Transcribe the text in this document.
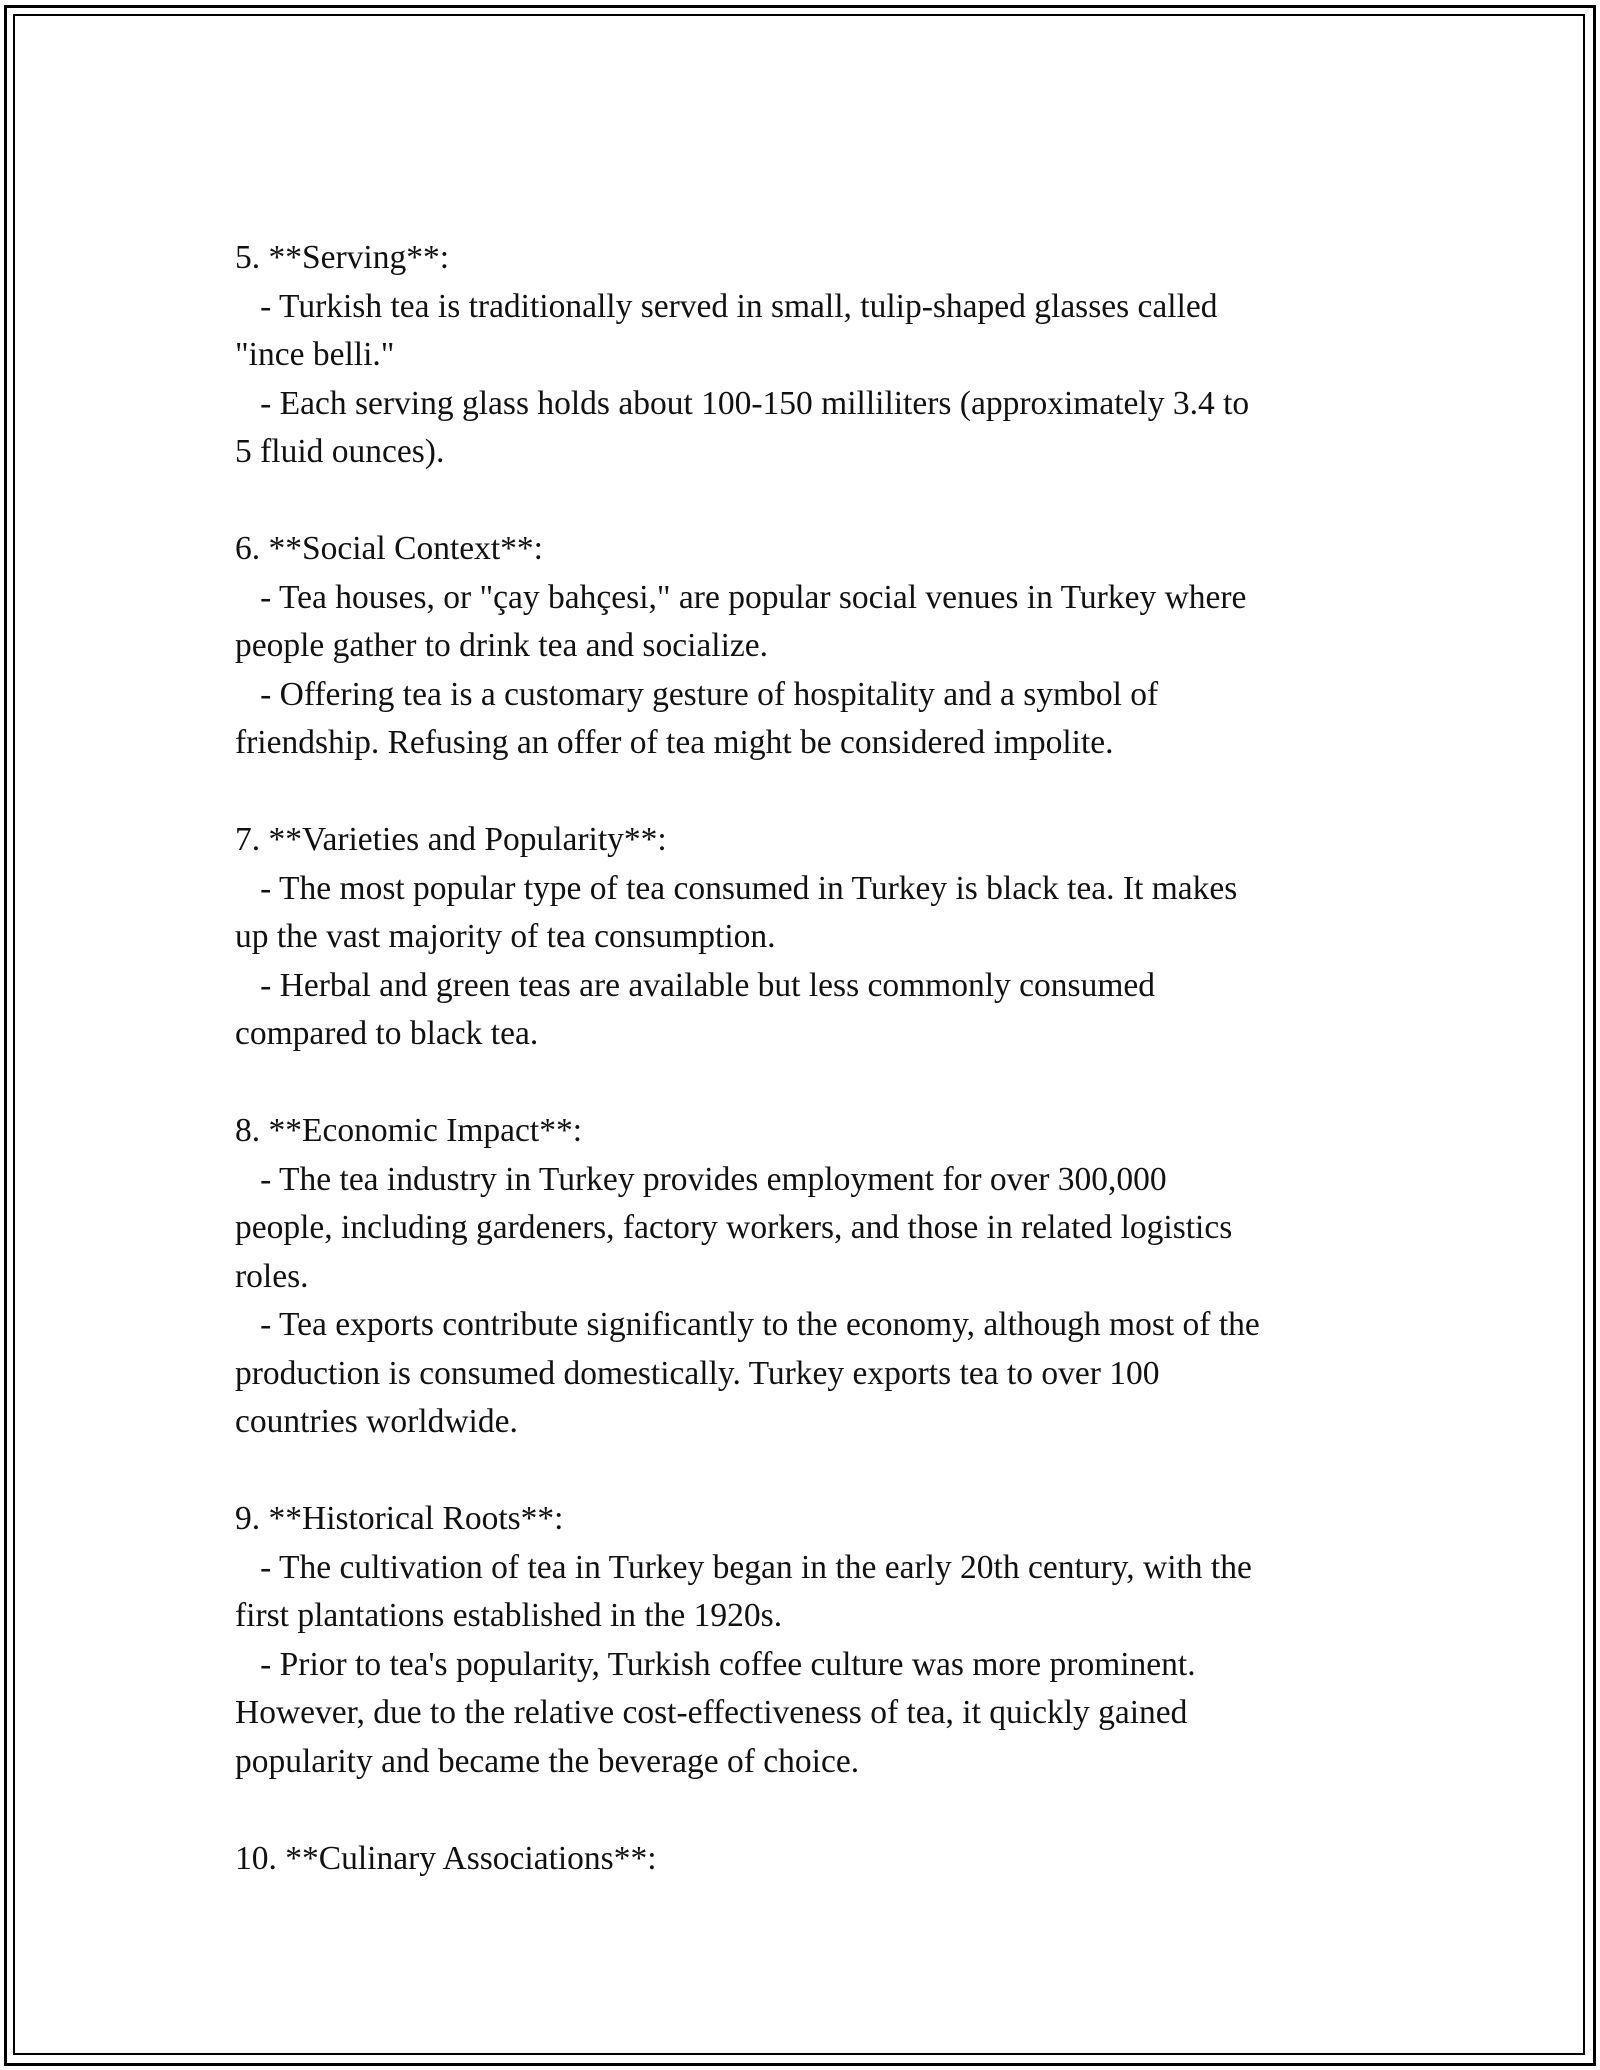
5. **Serving**:
- Turkish tea is traditionally served in small, tulip-shaped glasses called
"ince belli."
- Each serving glass holds about 100-150 milliliters (approximately 3.4 to
5 fluid ounces).
6. **Social Context**:
- Tea houses, or "çay bahçesi," are popular social venues in Turkey where
people gather to drink tea and socialize.
- Offering tea is a customary gesture of hospitality and a symbol of
friendship. Refusing an offer of tea might be considered impolite.
7. **Varieties and Popularity**:
- The most popular type of tea consumed in Turkey is black tea. It makes
up the vast majority of tea consumption.
- Herbal and green teas are available but less commonly consumed
compared to black tea.
8. **Economic Impact**:
- The tea industry in Turkey provides employment for over 300,000
people, including gardeners, factory workers, and those in related logistics
roles.
- Tea exports contribute significantly to the economy, although most of the
production is consumed domestically. Turkey exports tea to over 100
countries worldwide.
9. **Historical Roots**:
- The cultivation of tea in Turkey began in the early 20th century, with the
first plantations established in the 1920s.
- Prior to tea's popularity, Turkish coffee culture was more prominent.
However, due to the relative cost-effectiveness of tea, it quickly gained
popularity and became the beverage of choice.
10. **Culinary Associations**:
